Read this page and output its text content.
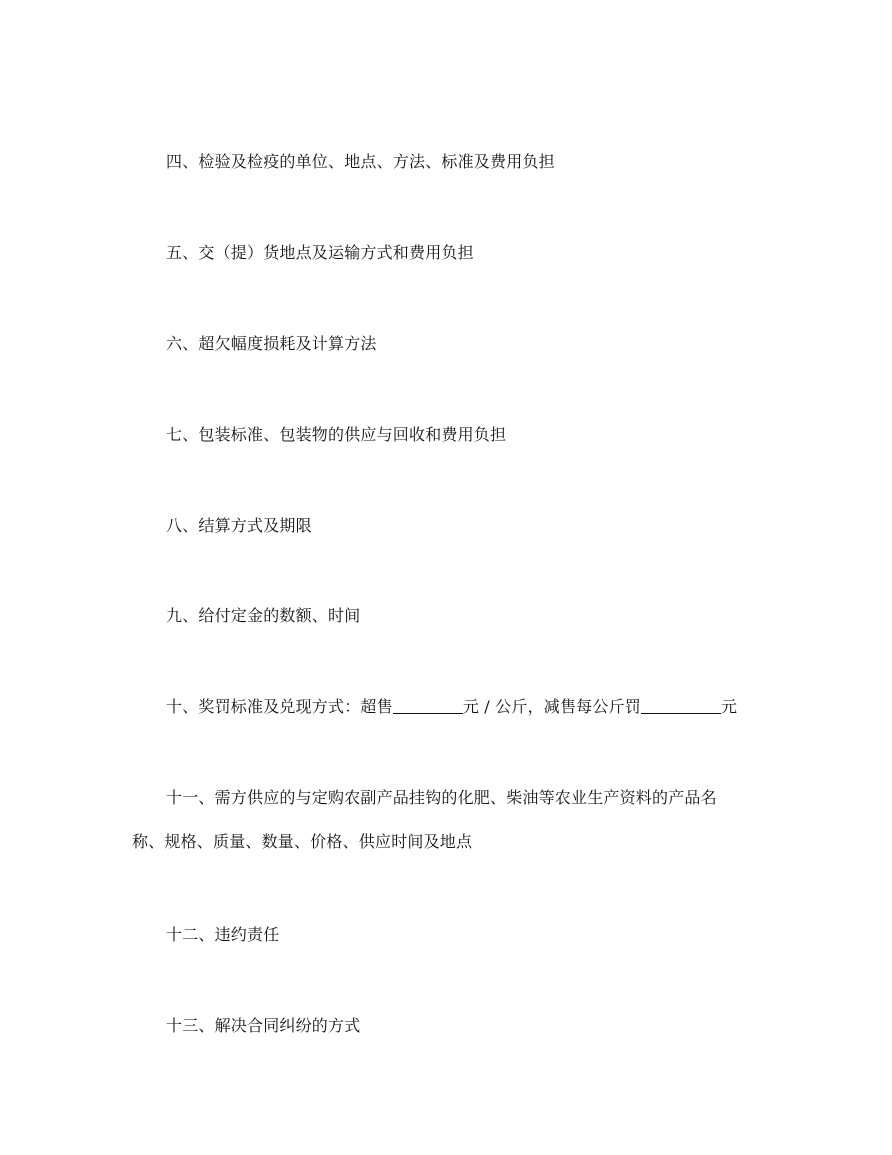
四、检验及检疫的单位、地点、方法、标准及费用负担
五、交（提）货地点及运输方式和费用负担
六、超欠幅度损耗及计算方法
七、包装标准、包装物的供应与回收和费用负担
八、结算方式及期限
九、给付定金的数额、时间
十、奖罚标准及兑现方式：超售	元 / 公斤，减售每公斤罚	元
十一、需方供应的与定购农副产品挂钩的化肥、柴油等农业生产资料的产品名
称、规格、质量、数量、价格、供应时间及地点
十二、违约责任
十三、解决合同纠纷的方式
